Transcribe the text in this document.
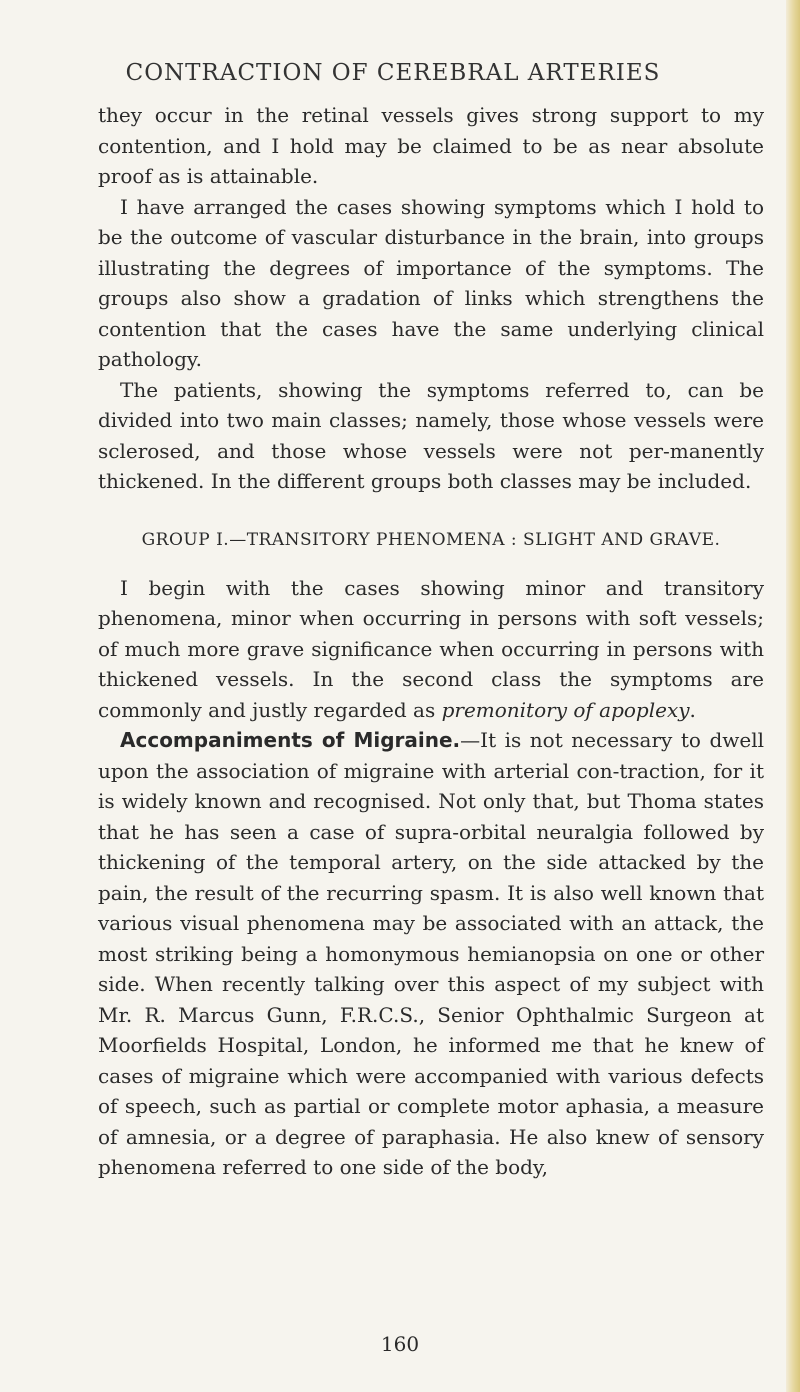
CONTRACTION OF CEREBRAL ARTERIES

they occur in the retinal vessels gives strong support to my contention, and I hold may be claimed to be as near absolute proof as is attainable.

I have arranged the cases showing symptoms which I hold to be the outcome of vascular disturbance in the brain, into groups illustrating the degrees of importance of the symptoms. The groups also show a gradation of links which strengthens the contention that the cases have the same underlying clinical pathology.

The patients, showing the symptoms referred to, can be divided into two main classes; namely, those whose vessels were sclerosed, and those whose vessels were not per-manently thickened. In the different groups both classes may be included.

GROUP I.—TRANSITORY PHENOMENA : SLIGHT AND GRAVE.

I begin with the cases showing minor and transitory phenomena, minor when occurring in persons with soft vessels; of much more grave significance when occurring in persons with thickened vessels. In the second class the symptoms are commonly and justly regarded as premonitory of apoplexy.

Accompaniments of Migraine.—It is not necessary to dwell upon the association of migraine with arterial con-traction, for it is widely known and recognised. Not only that, but Thoma states that he has seen a case of supra-orbital neuralgia followed by thickening of the temporal artery, on the side attacked by the pain, the result of the recurring spasm. It is also well known that various visual phenomena may be associated with an attack, the most striking being a homonymous hemianopsia on one or other side. When recently talking over this aspect of my subject with Mr. R. Marcus Gunn, F.R.C.S., Senior Ophthalmic Surgeon at Moorfields Hospital, London, he informed me that he knew of cases of migraine which were accompanied with various defects of speech, such as partial or complete motor aphasia, a measure of amnesia, or a degree of paraphasia. He also knew of sensory phenomena referred to one side of the body,

160
